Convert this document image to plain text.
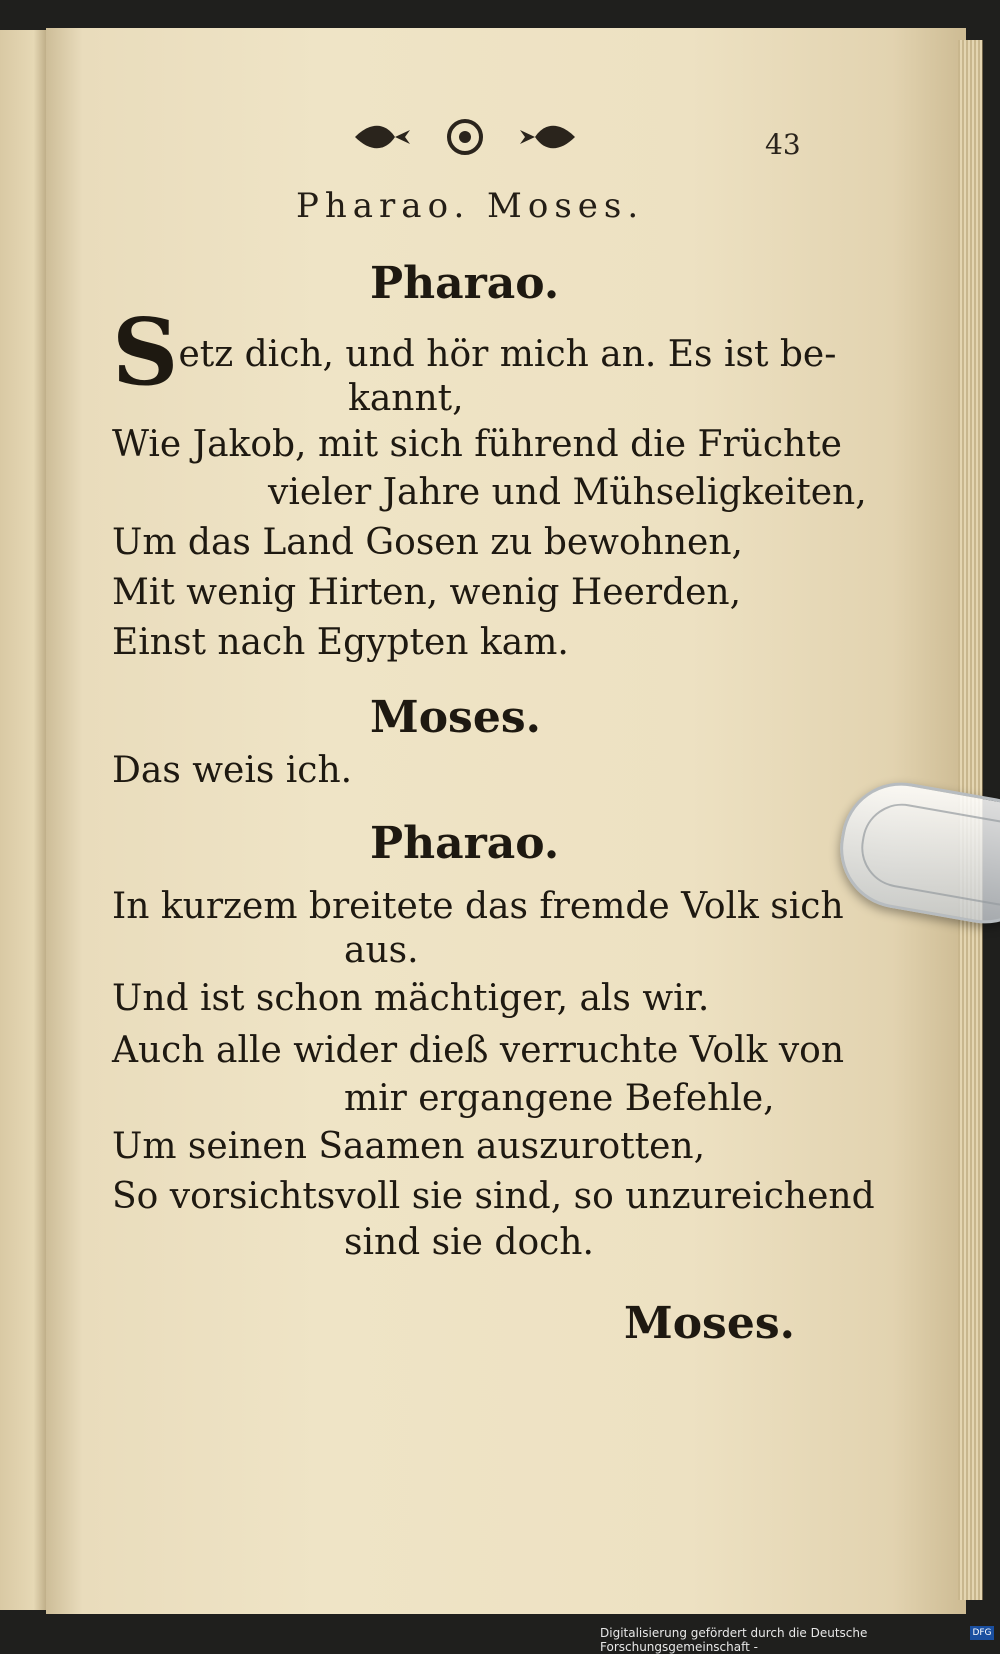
43
Pharao. Moses.
Pharao.
Setz dich, und hör mich an. Es ist be-
kannt,
Wie Jakob, mit sich führend die Früchte
vieler Jahre und Mühseligkeiten,
Um das Land Gosen zu bewohnen,
Mit wenig Hirten, wenig Heerden,
Einst nach Egypten kam.
Moses.
Das weis ich.
Pharao.
In kurzem breitete das fremde Volk sich
aus.
Und ist schon mächtiger, als wir.
Auch alle wider dieß verruchte Volk von
mir ergangene Befehle,
Um seinen Saamen auszurotten,
So vorsichtsvoll sie sind, so unzureichend
sind sie doch.
Moses.
Digitalisierung gefördert durch die Deutsche Forschungsgemeinschaft -
DFG
